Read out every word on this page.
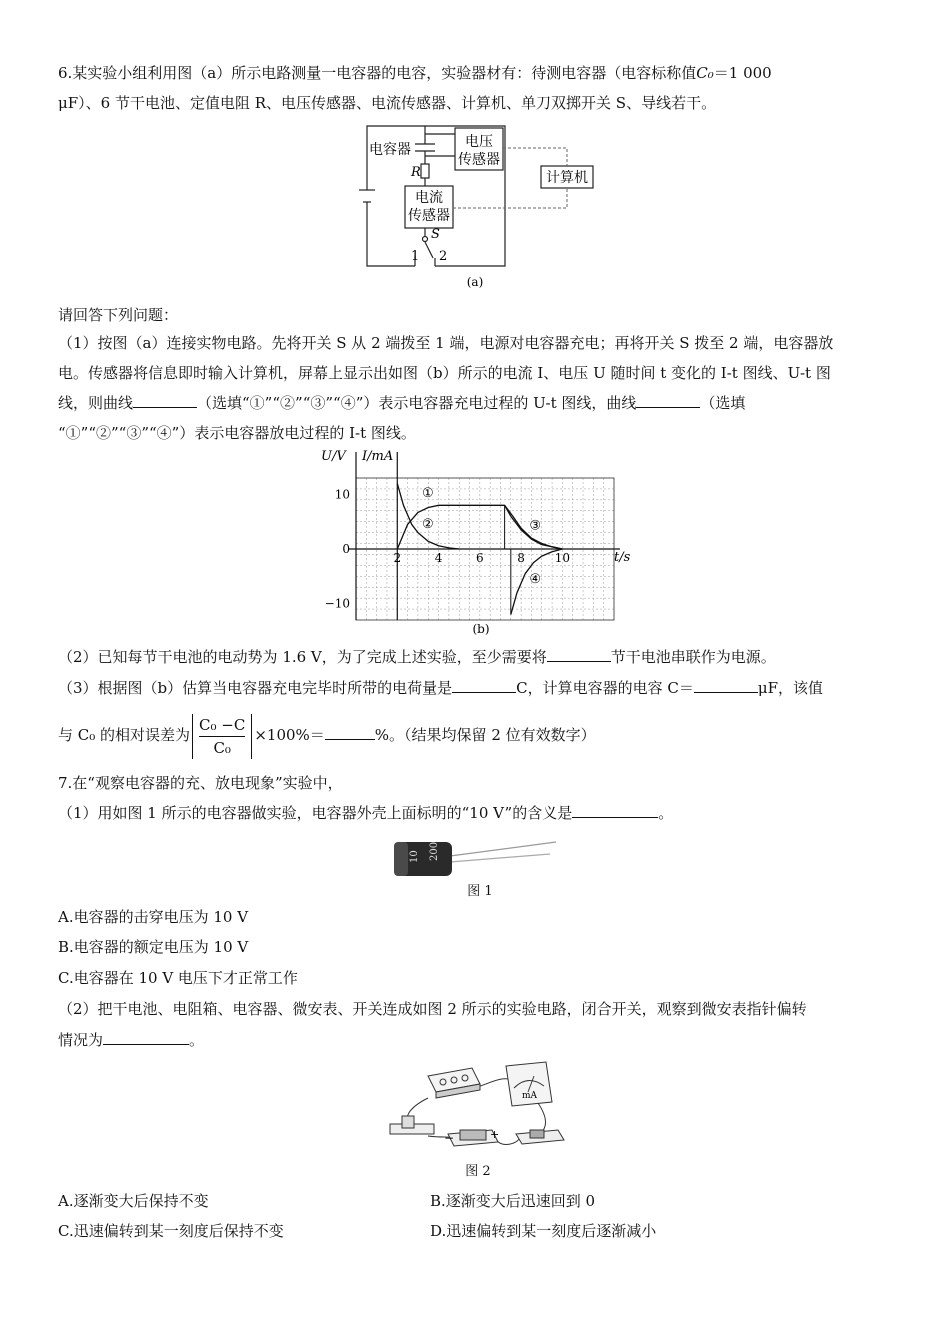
6.某实验小组利用图（a）所示电路测量一电容器的电容，实验器材有：待测电容器（电容标称值C₀＝1 000
μF）、6 节干电池、定值电阻 R、电压传感器、电流传感器、计算机、单刀双掷开关 S、导线若干。
电容器	电压
传感器
电流
传感器
计算机
R
S
1 2
(a)
请回答下列问题：
（1）按图（a）连接实物电路。先将开关 S 从 2 端拨至 1 端，电源对电容器充电；再将开关 S 拨至 2 端，电容器放
电。传感器将信息即时输入计算机，屏幕上显示出如图（b）所示的电流 I、电压 U 随时间 t 变化的 I-t 图线、U-t 图
线，则曲线	（选填“①”“②”“③”“④”）表示电容器充电过程的 U-t 图线，曲线	（选填
“①”“②”“③”“④”）表示电容器放电过程的 I-t 图线。
2	4	6	8 10
10
0
−10
①
②	③
④
U/V I/mA
t/s
(b)
（2）已知每节干电池的电动势为 1.6 V，为了完成上述实验，至少需要将	节干电池串联作为电源。
（3）根据图（b）估算当电容器充电完毕时所带的电荷量是	C，计算电容器的电容 C＝	μF，该值
与 C₀ 的相对误差为 $\frac{\text{C₀ −C}}{\text{C₀}} \times 100\%=$	%。（结果均保留 2 位有效数字）
7.在“观察电容器的充、放电现象”实验中，
（1）用如图 1 所示的电容器做实验，电容器外壳上面标明的“10 V”的含义是	。
10 200
图 1
A.电容器的击穿电压为 10 V
B.电容器的额定电压为 10 V
C.电容器在 10 V 电压下才正常工作
（2）把干电池、电阻箱、电容器、微安表、开关连成如图 2 所示的实验电路，闭合开关，观察到微安表指针偏转
情况为	。
mA
−	+
图 2
A.逐渐变大后保持不变	B.逐渐变大后迅速回到 0
C.迅速偏转到某一刻度后保持不变	D.迅速偏转到某一刻度后逐渐减小
